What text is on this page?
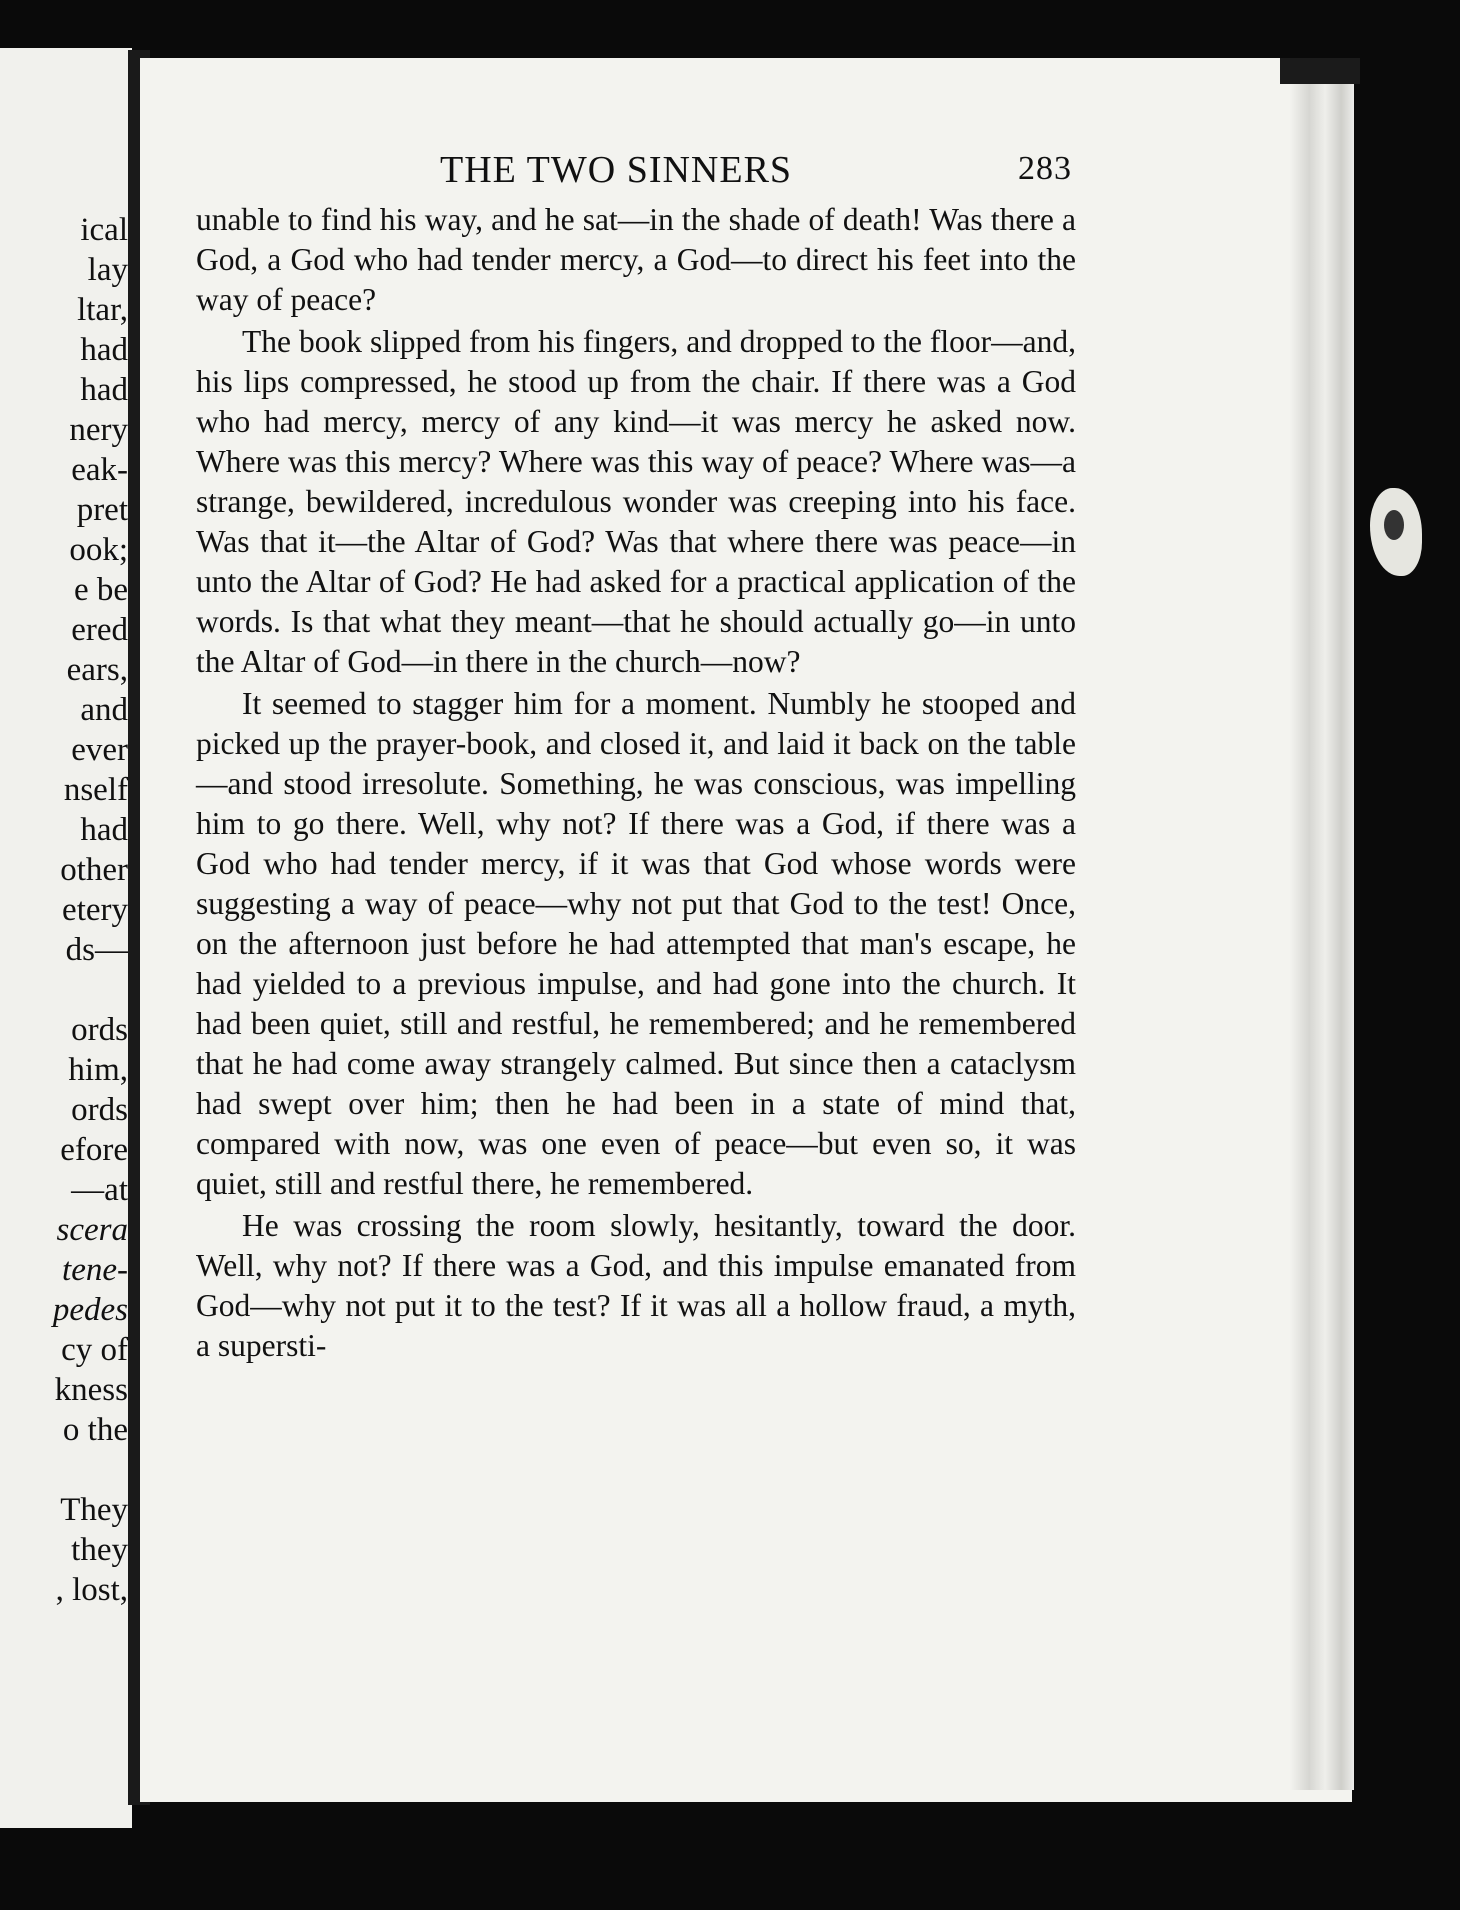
ical
lay
ltar,
had
had
nery
eak-
pret
ook;
e be
ered
ears,
and
ever
nself
had
other
etery
ds—
ords
him,
ords
efore
—at
scera
tene-
pedes
cy of
kness
o the
They
they
, lost,
THE TWO SINNERS	283

unable to find his way, and he sat—in the shade of death! Was there a God, a God who had tender mercy, a God—to direct his feet into the way of peace?

The book slipped from his fingers, and dropped to the floor—and, his lips compressed, he stood up from the chair. If there was a God who had mercy, mercy of any kind—it was mercy he asked now. Where was this mercy? Where was this way of peace? Where was—a strange, bewildered, incredulous wonder was creeping into his face. Was that it—the Altar of God? Was that where there was peace—in unto the Altar of God? He had asked for a practical application of the words. Is that what they meant—that he should actually go—in unto the Altar of God—in there in the church—now?

It seemed to stagger him for a moment. Numbly he stooped and picked up the prayer-book, and closed it, and laid it back on the table—and stood irresolute. Something, he was conscious, was impelling him to go there. Well, why not? If there was a God, if there was a God who had tender mercy, if it was that God whose words were suggesting a way of peace—why not put that God to the test! Once, on the afternoon just before he had attempted that man's escape, he had yielded to a previous impulse, and had gone into the church. It had been quiet, still and restful, he remembered; and he remembered that he had come away strangely calmed. But since then a cataclysm had swept over him; then he had been in a state of mind that, compared with now, was one even of peace—but even so, it was quiet, still and restful there, he remembered.

He was crossing the room slowly, hesitantly, toward the door. Well, why not? If there was a God, and this impulse emanated from God—why not put it to the test? If it was all a hollow fraud, a myth, a supersti-
